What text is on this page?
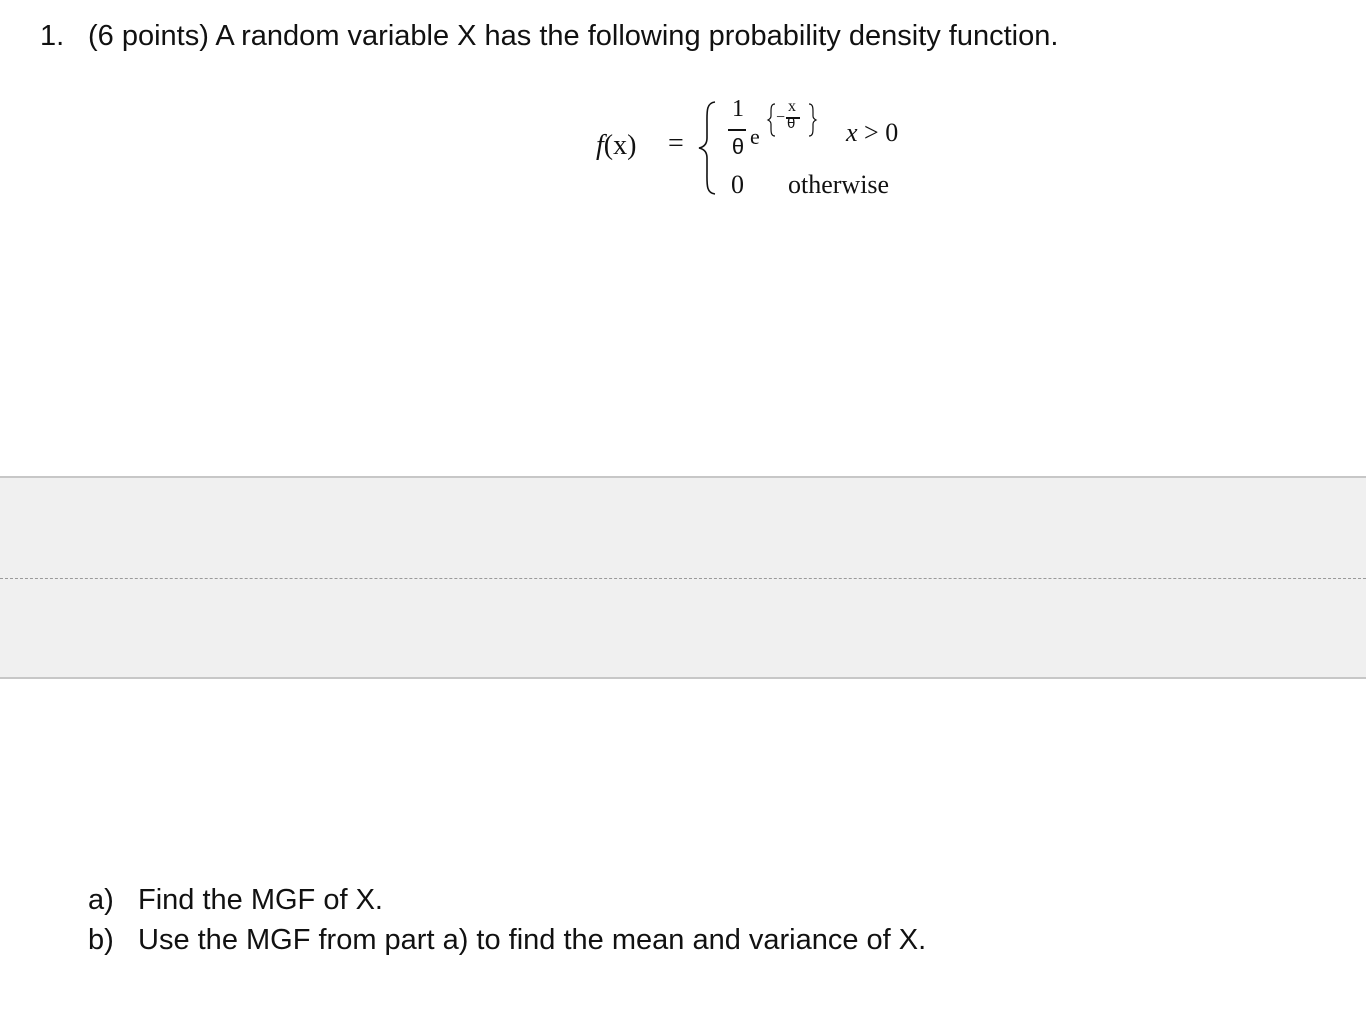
1. (6 points) A random variable X has the following probability density function.
f(x) =
1
θ e
−
x
θ x > 0
0 otherwise
a) Find the MGF of X.
b) Use the MGF from part a) to find the mean and variance of X.
